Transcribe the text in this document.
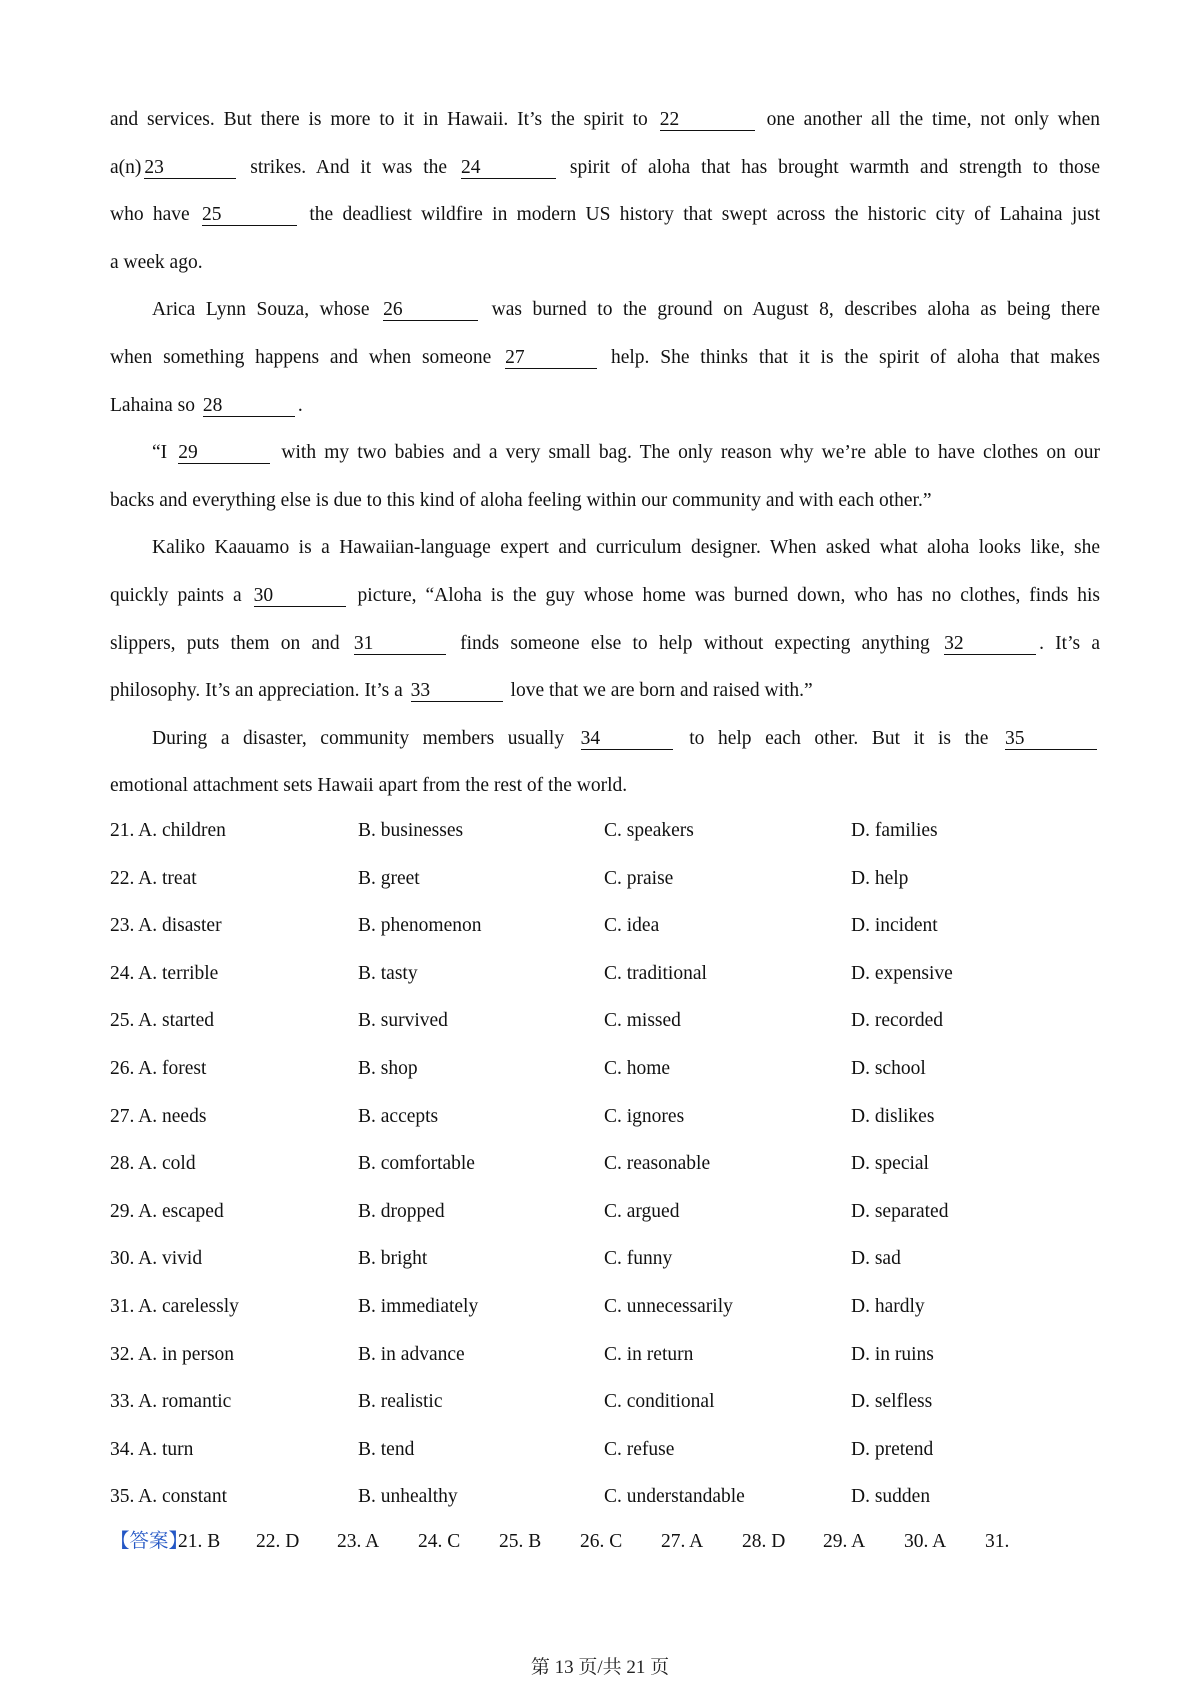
and services. But there is more to it in Hawaii. It’s the spirit to 22	one another all the time, not only when
a(n) 23	strikes. And it was the 24	spirit of aloha that has brought warmth and strength to those
who have 25	the deadliest wildfire in modern US history that swept across the historic city of Lahaina just
a week ago.
Arica Lynn Souza, whose 26	was burned to the ground on August 8, describes aloha as being there
when something happens and when someone 27	help. She thinks that it is the spirit of aloha that makes
Lahaina so 28	.
“I 29	with my two babies and a very small bag. The only reason why we’re able to have clothes on our
backs and everything else is due to this kind of aloha feeling within our community and with each other.”
Kaliko Kaauamo is a Hawaiian-language expert and curriculum designer. When asked what aloha looks like, she
quickly paints a 30	picture, “Aloha is the guy whose home was burned down, who has no clothes, finds his
slippers, puts them on and 31	finds someone else to help without expecting anything 32	. It’s a
philosophy. It’s an appreciation. It’s a 33	love that we are born and raised with.”
During a disaster, community members usually 34	to help each other. But it is the 35
emotional attachment sets Hawaii apart from the rest of the world.
21. A. children	B. businesses	C. speakers	D. families
22. A. treat	B. greet	C. praise	D. help
23. A. disaster	B. phenomenon	C. idea	D. incident
24. A. terrible	B. tasty	C. traditional	D. expensive
25. A. started	B. survived	C. missed	D. recorded
26. A. forest	B. shop	C. home	D. school
27. A. needs	B. accepts	C. ignores	D. dislikes
28. A. cold	B. comfortable	C. reasonable	D. special
29. A. escaped	B. dropped	C. argued	D. separated
30. A. vivid	B. bright	C. funny	D. sad
31. A. carelessly	B. immediately	C. unnecessarily	D. hardly
32. A. in person	B. in advance	C. in return	D. in ruins
33. A. romantic	B. realistic	C. conditional	D. selfless
34. A. turn	B. tend	C. refuse	D. pretend
35. A. constant	B. unhealthy	C. understandable	D. sudden
【答案】
21. B 22. D 23. A 24. C 25. B 26. C 27. A 28. D 29. A 30. A 31.
第 13 页/共 21 页
